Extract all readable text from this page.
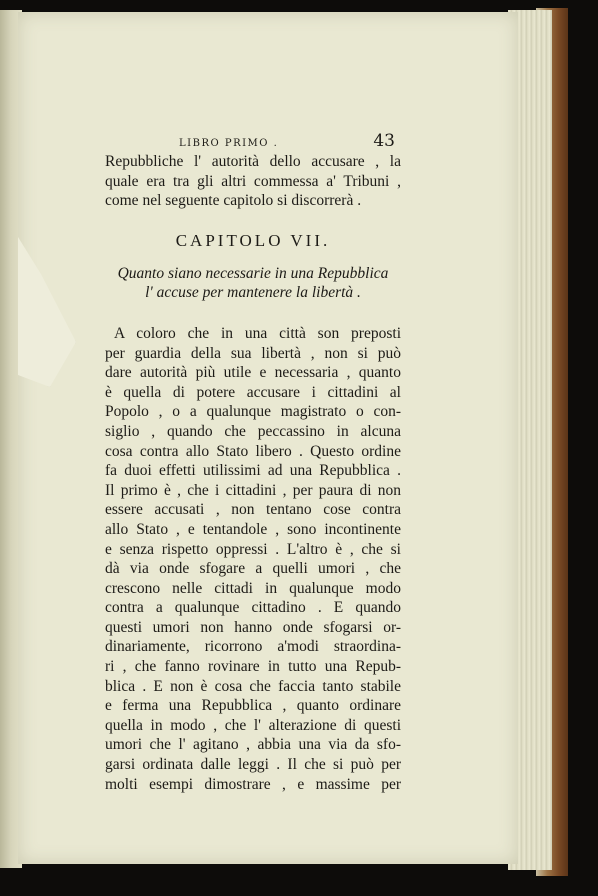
LIBRO PRIMO .	43
Repubbliche l' autorità dello accusare , la
quale era tra gli altri commessa a' Tribuni ,
come nel seguente capitolo si discorrerà .
CAPITOLO VII.
Quanto siano necessarie in una Repubblica
l' accuse per mantenere la libertà .
A coloro che in una città son preposti
per guardia della sua libertà , non si può
dare autorità più utile e necessaria , quanto
è quella di potere accusare i cittadini al
Popolo , o a qualunque magistrato o con-
siglio , quando che peccassino in alcuna
cosa contra allo Stato libero . Questo ordine
fa duoi effetti utilissimi ad una Repubblica .
Il primo è , che i cittadini , per paura di non
essere accusati , non tentano cose contra
allo Stato , e tentandole , sono incontinente
e senza rispetto oppressi . L'altro è , che si
dà via onde sfogare a quelli umori , che
crescono nelle cittadi in qualunque modo
contra a qualunque cittadino . E quando
questi umori non hanno onde sfogarsi or-
dinariamente, ricorrono a'modi straordina-
ri , che fanno rovinare in tutto una Repub-
blica . E non è cosa che faccia tanto stabile
e ferma una Repubblica , quanto ordinare
quella in modo , che l' alterazione di questi
umori che l' agitano , abbia una via da sfo-
garsi ordinata dalle leggi . Il che si può per
molti esempi dimostrare , e massime per
